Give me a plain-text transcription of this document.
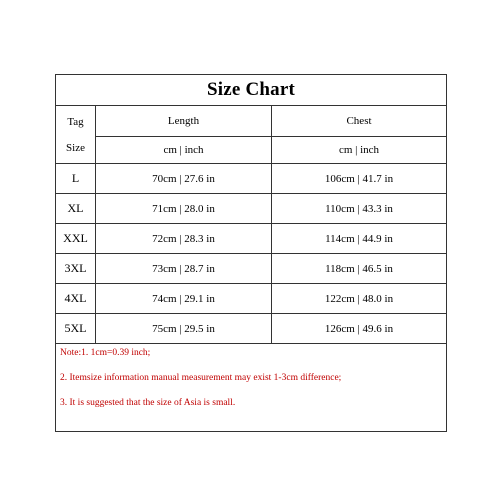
Size Chart		

Tag
Size	Length	Chest
	cm | inch	cm | inch
L	70cm | 27.6 in	106cm | 41.7 in
XL	71cm | 28.0 in	110cm | 43.3 in
XXL	72cm | 28.3 in	114cm | 44.9 in
3XL	73cm | 28.7 in	118cm | 46.5 in
4XL	74cm | 29.1 in	122cm | 48.0 in
5XL	75cm | 29.5 in	126cm | 49.6 in

Note:1. 1cm=0.39 inch;
2. Itemsize information manual measurement may exist 1-3cm difference;
3. It is suggested that the size of Asia is small.		
